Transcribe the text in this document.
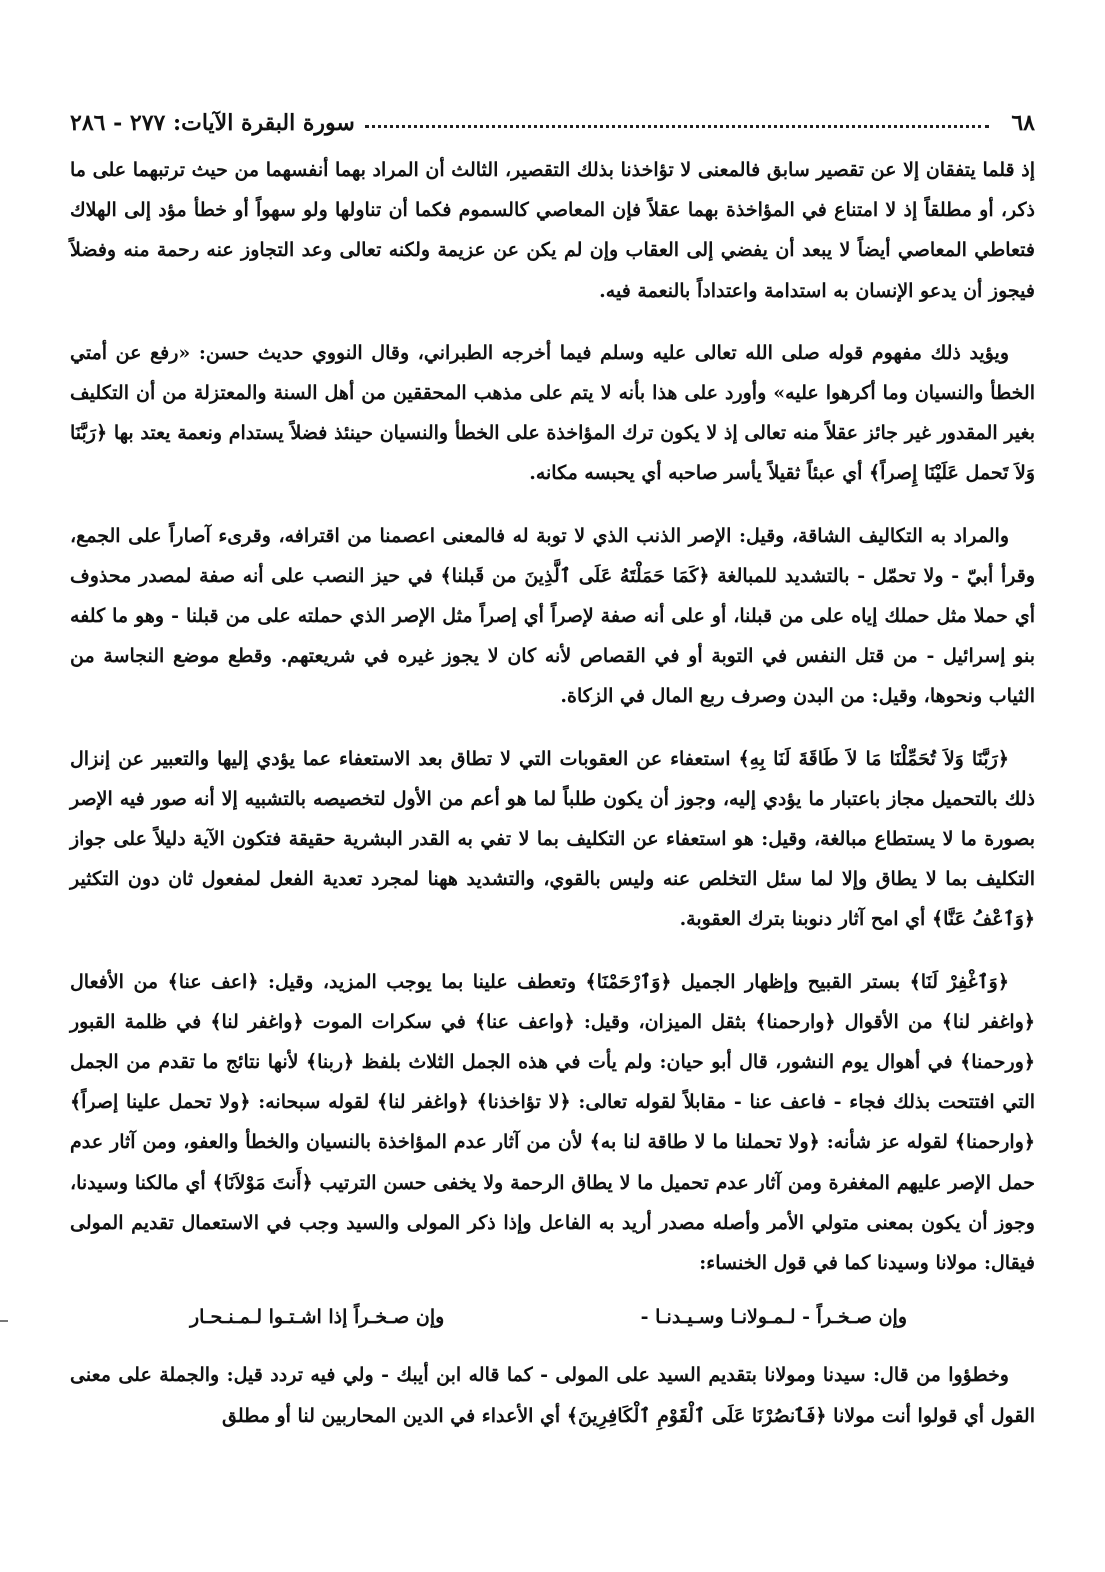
٦٨
سورة البقرة الآيات: ٢٧٧ - ٢٨٦

إذ قلما يتفقان إلا عن تقصير سابق فالمعنى لا تؤاخذنا بذلك التقصير، الثالث أن المراد بهما أنفسهما من حيث ترتبهما على ما ذكر، أو مطلقاً إذ لا امتناع في المؤاخذة بهما عقلاً فإن المعاصي كالسموم فكما أن تناولها ولو سهواً أو خطأ مؤد إلى الهلاك فتعاطي المعاصي أيضاً لا يبعد أن يفضي إلى العقاب وإن لم يكن عن عزيمة ولكنه تعالى وعد التجاوز عنه رحمة منه وفضلاً فيجوز أن يدعو الإنسان به استدامة واعتداداً بالنعمة فيه.

ويؤيد ذلك مفهوم قوله صلى الله تعالى عليه وسلم فيما أخرجه الطبراني، وقال النووي حديث حسن: «رفع عن أمتي الخطأ والنسيان وما أكرهوا عليه» وأورد على هذا بأنه لا يتم على مذهب المحققين من أهل السنة والمعتزلة من أن التكليف بغير المقدور غير جائز عقلاً منه تعالى إذ لا يكون ترك المؤاخذة على الخطأ والنسيان حينئذ فضلاً يستدام ونعمة يعتد بها ﴿رَبَّنَا وَلاَ تَحمل عَلَيْنَا إِصراً﴾ أي عبئاً ثقيلاً يأسر صاحبه أي يحبسه مكانه.

والمراد به التكاليف الشاقة، وقيل: الإصر الذنب الذي لا توبة له فالمعنى اعصمنا من اقترافه، وقرىء آصاراً على الجمع، وقرأ أبيّ - ولا تحمّل - بالتشديد للمبالغة ﴿كَمَا حَمَلْتَهُ عَلَى ٱلَّذِينَ من قَبلنا﴾ في حيز النصب على أنه صفة لمصدر محذوف أي حملا مثل حملك إياه على من قبلنا، أو على أنه صفة لإصراً أي إصراً مثل الإصر الذي حملته على من قبلنا - وهو ما كلفه بنو إسرائيل - من قتل النفس في التوبة أو في القصاص لأنه كان لا يجوز غيره في شريعتهم. وقطع موضع النجاسة من الثياب ونحوها، وقيل: من البدن وصرف ربع المال في الزكاة.

﴿رَبَّنَا وَلاَ تُحَمِّلْنَا مَا لاَ طَاقَةَ لَنَا بِهِ﴾ استعفاء عن العقوبات التي لا تطاق بعد الاستعفاء عما يؤدي إليها والتعبير عن إنزال ذلك بالتحميل مجاز باعتبار ما يؤدي إليه، وجوز أن يكون طلباً لما هو أعم من الأول لتخصيصه بالتشبيه إلا أنه صور فيه الإصر بصورة ما لا يستطاع مبالغة، وقيل: هو استعفاء عن التكليف بما لا تفي به القدر البشرية حقيقة فتكون الآية دليلاً على جواز التكليف بما لا يطاق وإلا لما سئل التخلص عنه وليس بالقوي، والتشديد ههنا لمجرد تعدية الفعل لمفعول ثان دون التكثير ﴿وَٱعْفُ عَنَّا﴾ أي امح آثار دنوبنا بترك العقوبة.

﴿وَٱغْفِرْ لَنَا﴾ بستر القبيح وإظهار الجميل ﴿وَٱرْحَمْنَا﴾ وتعطف علينا بما يوجب المزيد، وقيل: ﴿اعف عنا﴾ من الأفعال ﴿واغفر لنا﴾ من الأقوال ﴿وارحمنا﴾ بثقل الميزان، وقيل: ﴿واعف عنا﴾ في سكرات الموت ﴿واغفر لنا﴾ في ظلمة القبور ﴿ورحمنا﴾ في أهوال يوم النشور، قال أبو حيان: ولم يأت في هذه الجمل الثلاث بلفظ ﴿ربنا﴾ لأنها نتائج ما تقدم من الجمل التي افتتحت بذلك فجاء - فاعف عنا - مقابلاً لقوله تعالى: ﴿لا تؤاخذنا﴾ ﴿واغفر لنا﴾ لقوله سبحانه: ﴿ولا تحمل علينا إصراً﴾ ﴿وارحمنا﴾ لقوله عز شأنه: ﴿ولا تحملنا ما لا طاقة لنا به﴾ لأن من آثار عدم المؤاخذة بالنسيان والخطأ والعفو، ومن آثار عدم حمل الإصر عليهم المغفرة ومن آثار عدم تحميل ما لا يطاق الرحمة ولا يخفى حسن الترتيب ﴿أَنتَ مَوْلاَنَا﴾ أي مالكنا وسيدنا، وجوز أن يكون بمعنى متولي الأمر وأصله مصدر أريد به الفاعل وإذا ذكر المولى والسيد وجب في الاستعمال تقديم المولى فيقال: مولانا وسيدنا كما في قول الخنساء:

وإن صـخـراً - لـمـولانـا وسـيـدنـا -
وإن صـخـراً إذا اشـتـوا لـمـنـحـار

وخطؤوا من قال: سيدنا ومولانا بتقديم السيد على المولى - كما قاله ابن أيبك - ولي فيه تردد قيل: والجملة على معنى القول أي قولوا أنت مولانا ﴿فَٱنصُرْنَا عَلَى ٱلْقَوْمِ ٱلْكَافِرِينَ﴾ أي الأعداء في الدين المحاربين لنا أو مطلق
